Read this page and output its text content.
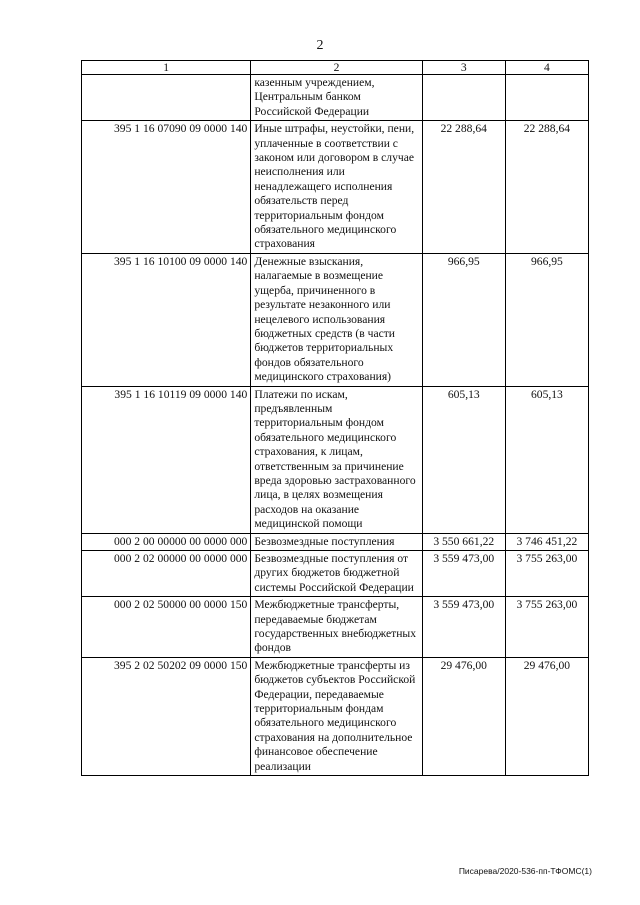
2
1	2	3	4
	казенным учреждением, Центральным банком Российской Федерации		
395 1 16 07090 09 0000 140	Иные штрафы, неустойки, пени, уплаченные в соответствии с законом или договором в случае неисполнения или ненадлежащего исполнения обязательств перед территориальным фондом обязательного медицинского страхования	22 288,64	22 288,64
395 1 16 10100 09 0000 140	Денежные взыскания, налагаемые в возмещение ущерба, причиненного в результате незаконного или нецелевого использования бюджетных средств (в части бюджетов территориальных фондов обязательного медицинского страхования)	966,95	966,95
395 1 16 10119 09 0000 140	Платежи по искам, предъявленным территориальным фондом обязательного медицинского страхования, к лицам, ответственным за причинение вреда здоровью застрахованного лица, в целях возмещения расходов на оказание медицинской помощи	605,13	605,13
000 2 00 00000 00 0000 000	Безвозмездные поступления	3 550 661,22	3 746 451,22
000 2 02 00000 00 0000 000	Безвозмездные поступления от других бюджетов бюджетной системы Российской Федерации	3 559 473,00	3 755 263,00
000 2 02 50000 00 0000 150	Межбюджетные трансферты, передаваемые бюджетам государственных внебюджетных фондов	3 559 473,00	3 755 263,00
395 2 02 50202 09 0000 150	Межбюджетные трансферты из бюджетов субъектов Российской Федерации, передаваемые территориальным фондам обязательного медицинского страхования на дополнительное финансовое обеспечение реализации	29 476,00	29 476,00
Писарева/2020-536-пп-ТФОМС(1)
